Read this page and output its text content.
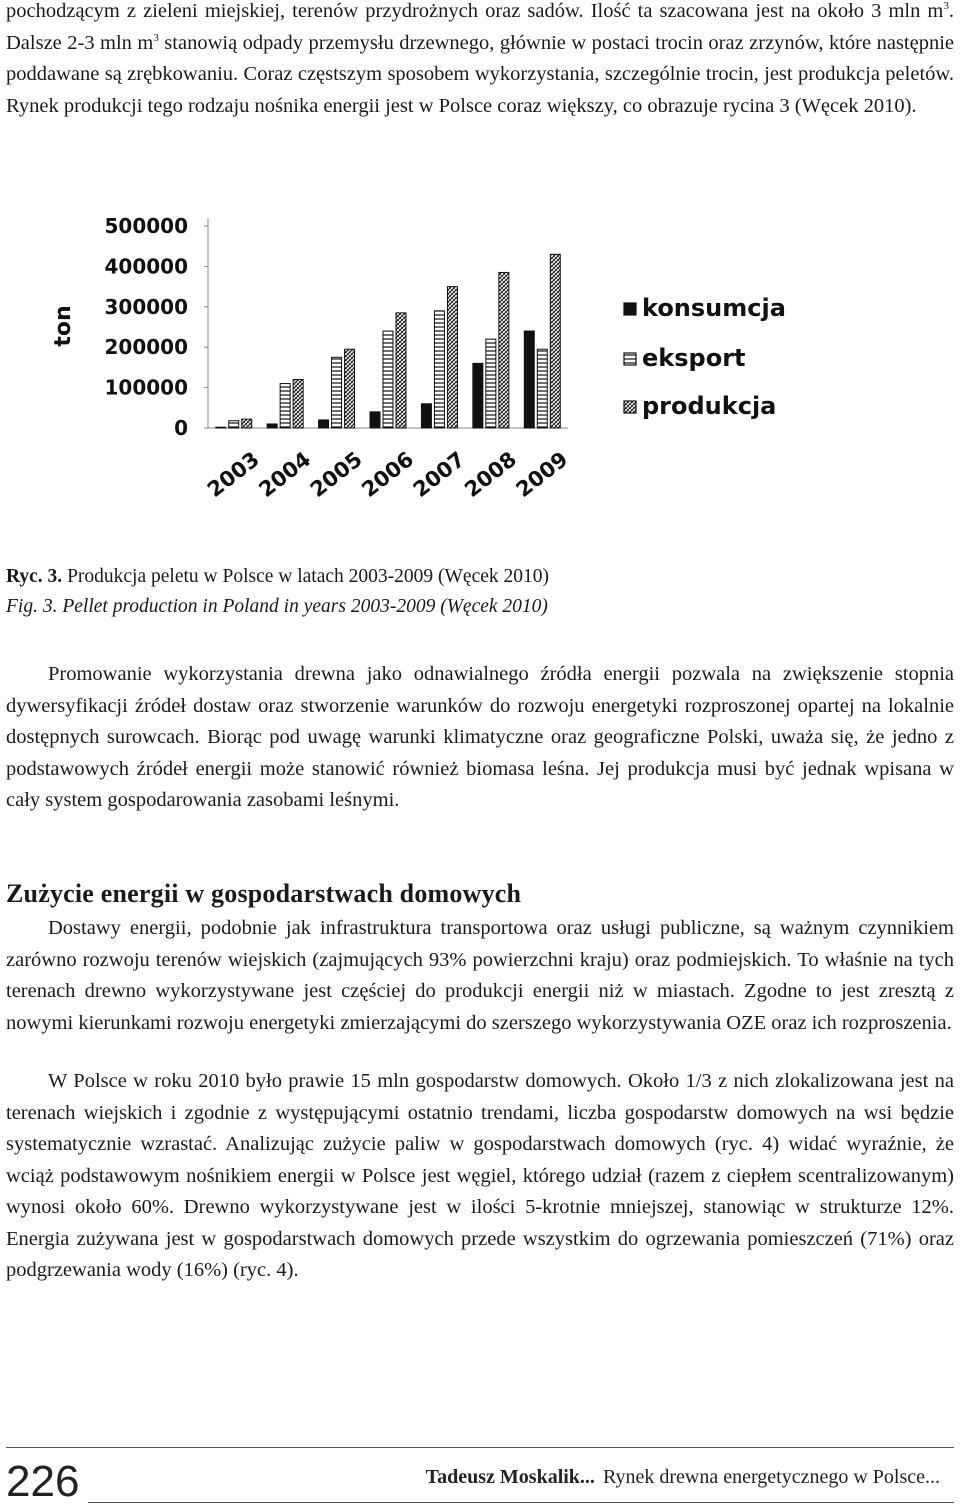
pochodzącym z zieleni miejskiej, terenów przydrożnych oraz sadów. Ilość ta szacowana jest na około 3 mln $m^3$. Dalsze 2-3 mln $m^3$ stanowią odpady przemysłu drzewnego, głównie w postaci trocin oraz zrzynów, które następnie poddawane są zrębkowaniu. Coraz częstszym sposobem wykorzystania, szczególnie trocin, jest produkcja peletów. Rynek produkcji tego rodzaju nośnika energii jest w Polsce coraz większy, co obrazuje rycina 3 (Węcek 2010).

500000
400000
300000
200000
100000
0
ton
2003
2004
2005
2006
2007
2008
2009
konsumcja
eksport
produkcja
Ryc. 3. Produkcja peletu w Polsce w latach 2003-2009 (Węcek 2010)
Fig. 3. Pellet production in Poland in years 2003-2009 (Węcek 2010)

Promowanie wykorzystania drewna jako odnawialnego źródła energii pozwala na zwiększenie stopnia dywersyfikacji źródeł dostaw oraz stworzenie warunków do rozwoju energetyki rozproszonej opartej na lokalnie dostępnych surowcach. Biorąc pod uwagę warunki klimatyczne oraz geograficzne Polski, uważa się, że jedno z podstawowych źródeł energii może stanowić również biomasa leśna. Jej produkcja musi być jednak wpisana w cały system gospodarowania zasobami leśnymi.

Zużycie energii w gospodarstwach domowych

Dostawy energii, podobnie jak infrastruktura transportowa oraz usługi publiczne, są ważnym czynnikiem zarówno rozwoju terenów wiejskich (zajmujących 93% powierzchni kraju) oraz podmiejskich. To właśnie na tych terenach drewno wykorzystywane jest częściej do produkcji energii niż w miastach. Zgodne to jest zresztą z nowymi kierunkami rozwoju energetyki zmierzającymi do szerszego wykorzystywania OZE oraz ich rozproszenia.

W Polsce w roku 2010 było prawie 15 mln gospodarstw domowych. Około 1/3 z nich zlokalizowana jest na terenach wiejskich i zgodnie z występującymi ostatnio trendami, liczba gospodarstw domowych na wsi będzie systematycznie wzrastać. Analizując zużycie paliw w gospodarstwach domowych (ryc. 4) widać wyraźnie, że wciąż podstawowym nośnikiem energii w Polsce jest węgiel, którego udział (razem z ciepłem scentralizowanym) wynosi około 60%. Drewno wykorzystywane jest w ilości 5-krotnie mniejszej, stanowiąc w strukturze 12%. Energia zużywana jest w gospodarstwach domowych przede wszystkim do ogrzewania pomieszczeń (71%) oraz podgrzewania wody (16%) (ryc. 4).

226	Tadeusz Moskalik... Rynek drewna energetycznego w Polsce...
